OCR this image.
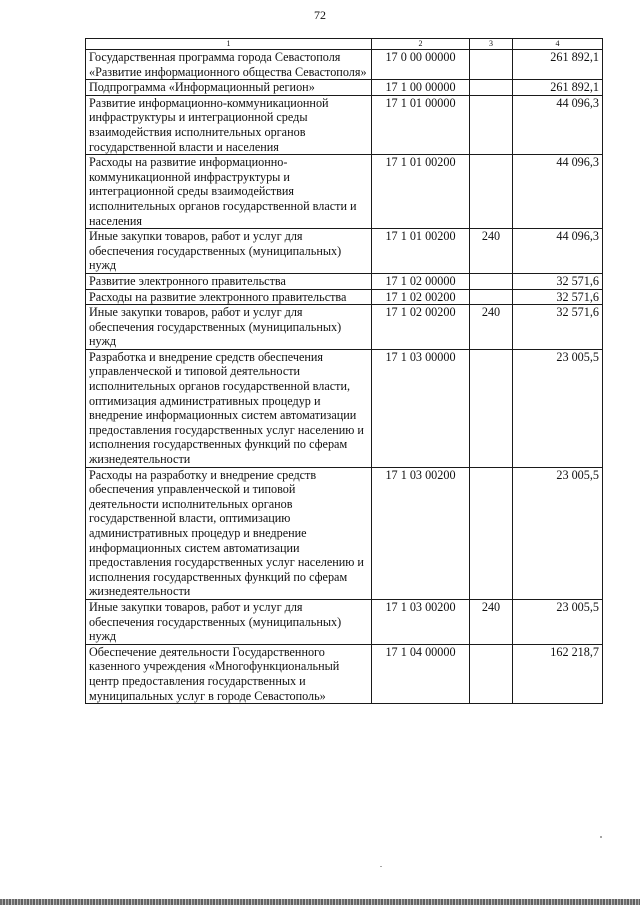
72
1	2	3	4
Государственная программа города Севастополя «Развитие информационного общества Севастополя»	17 0 00 00000		261 892,1
Подпрограмма «Информационный регион»	17 1 00 00000		261 892,1
Развитие информационно-коммуникационной инфраструктуры и интеграционной среды взаимодействия исполнительных органов государственной власти и населения	17 1 01 00000		44 096,3
Расходы на развитие информационно-коммуникационной инфраструктуры и интеграционной среды взаимодействия исполнительных органов государственной власти и населения	17 1 01 00200		44 096,3
Иные закупки товаров, работ и услуг для обеспечения государственных (муниципальных) нужд	17 1 01 00200	240	44 096,3
Развитие электронного правительства	17 1 02 00000		32 571,6
Расходы на развитие электронного правительства	17 1 02 00200		32 571,6
Иные закупки товаров, работ и услуг для обеспечения государственных (муниципальных) нужд	17 1 02 00200	240	32 571,6
Разработка и внедрение средств обеспечения управленческой и типовой деятельности исполнительных органов государственной власти, оптимизация административных процедур и внедрение информационных систем автоматизации предоставления государственных услуг населению и исполнения государственных функций по сферам жизнедеятельности	17 1 03 00000		23 005,5
Расходы на разработку и внедрение средств обеспечения управленческой и типовой деятельности исполнительных органов государственной власти, оптимизацию административных процедур и внедрение информационных систем автоматизации предоставления государственных услуг населению и исполнения государственных функций по сферам жизнедеятельности	17 1 03 00200		23 005,5
Иные закупки товаров, работ и услуг для обеспечения государственных (муниципальных) нужд	17 1 03 00200	240	23 005,5
Обеспечение деятельности Государственного казенного учреждения «Многофункциональный центр предоставления государственных и муниципальных услуг в городе Севастополь»	17 1 04 00000		162 218,7
